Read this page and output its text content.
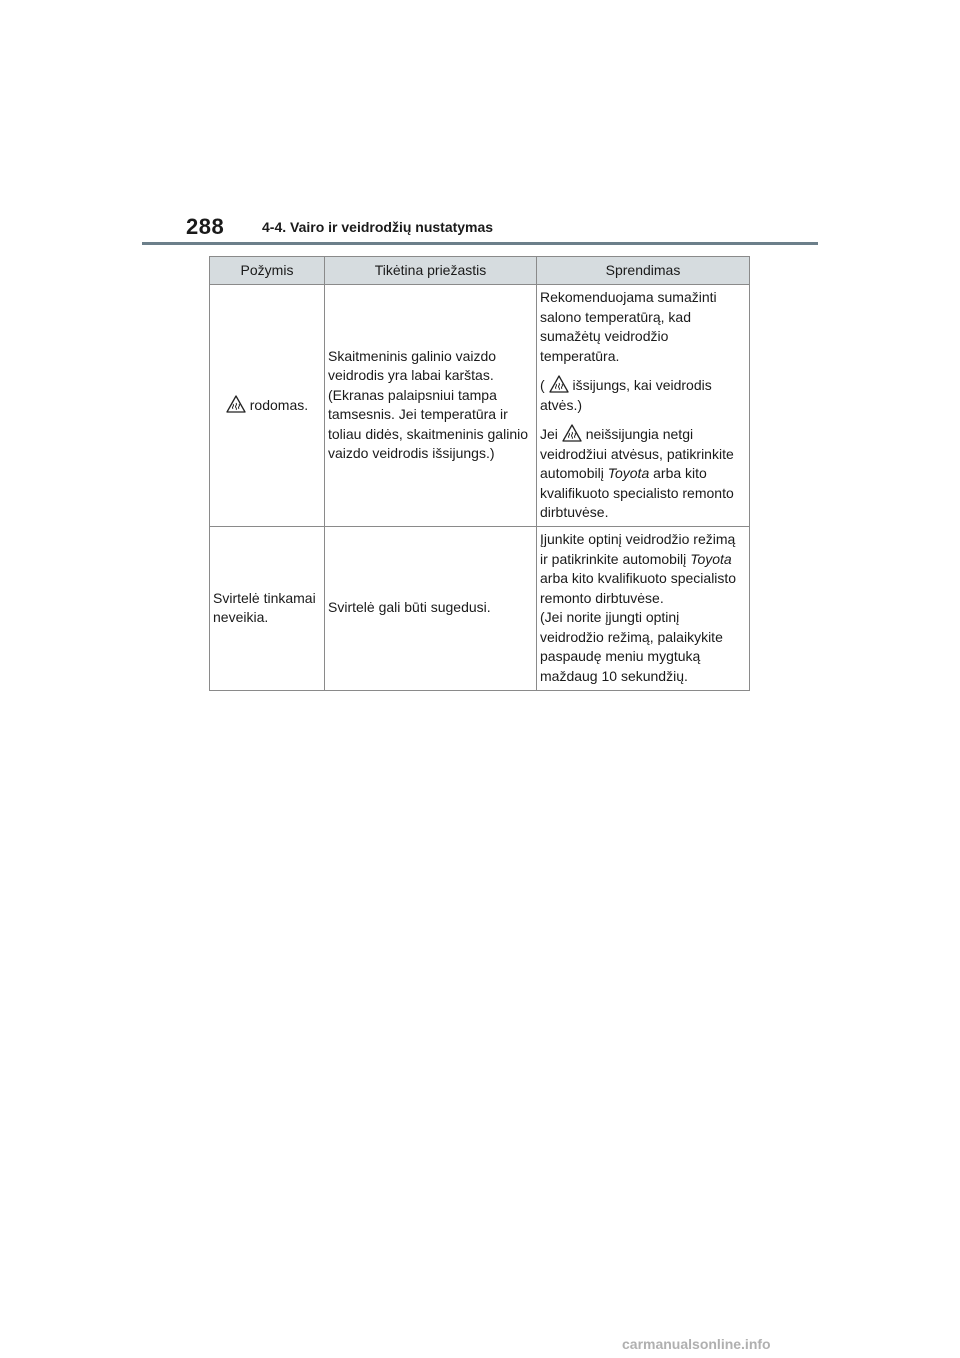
288	4-4. Vairo ir veidrodžių nustatymas
Požymis	Tikėtina priežastis	Sprendimas

rodomas.	Skaitmeninis galinio vaizdo veidrodis yra labai karštas. (Ekranas palaipsniui tampa tamsesnis. Jei temperatūra ir toliau didės, skaitmeninis galinio vaizdo veidrodis išsijungs.)	Rekomenduojama sumažinti salono temperatūrą, kad sumažėtų veidrodžio temperatūra.

( išsijungs, kai veidrodis atvės.)

Jei neišsijungia netgi veidrodžiui atvėsus, patikrinkite automobilį Toyota arba kito kvalifikuoto specialisto remonto dirbtuvėse.

Svirtelė tinkamai neveikia.	Svirtelė gali būti sugedusi.	Įjunkite optinį veidrodžio režimą ir patikrinkite automobilį Toyota arba kito kvalifikuoto specialisto remonto dirbtuvėse.

(Jei norite įjungti optinį veidrodžio režimą, palaikykite paspaudę meniu mygtuką maždaug 10 sekundžių.

carmanualsonline.info
